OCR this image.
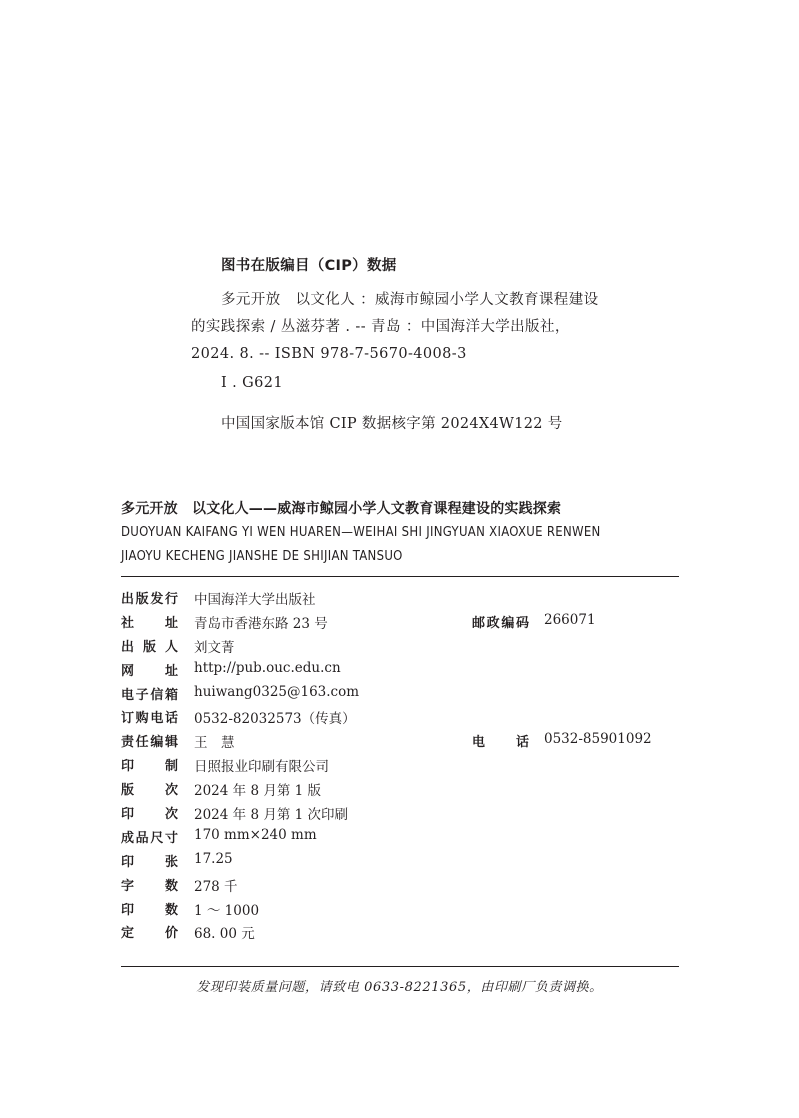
图书在版编目（CIP）数据
多元开放　以文化人 ：威海市鲸园小学人文教育课程建设的实践探索 / 丛滋芬著 . -- 青岛 ：中国海洋大学出版社，2024. 8. -- ISBN 978-7-5670-4008-3
Ⅰ . G621
中国国家版本馆 CIP 数据核字第 2024X4W122 号
多元开放　以文化人——威海市鲸园小学人文教育课程建设的实践探索
DUOYUAN KAIFANG YI WEN HUAREN—WEIHAI SHI JINGYUAN XIAOXUE RENWEN
JIAOYU KECHENG JIANSHE DE SHIJIAN TANSUO
出版发行 中国海洋大学出版社
社　　址 青岛市香港东路 23 号	邮政编码 266071
出 版 人 刘文菁
网　　址 http://pub.ouc.edu.cn
电子信箱 huiwang0325@163.com
订购电话 0532-82032573（传真）
责任编辑 王　慧	电　　话 0532-85901092
印　　制 日照报业印刷有限公司
版　　次 2024 年 8 月第 1 版
印　　次 2024 年 8 月第 1 次印刷
成品尺寸 170 mm×240 mm
印　　张 17.25
字　　数 278 千
印　　数 1 ～ 1000
定　　价 68. 00 元
发现印装质量问题，请致电 0633-8221365，由印刷厂负责调换。
